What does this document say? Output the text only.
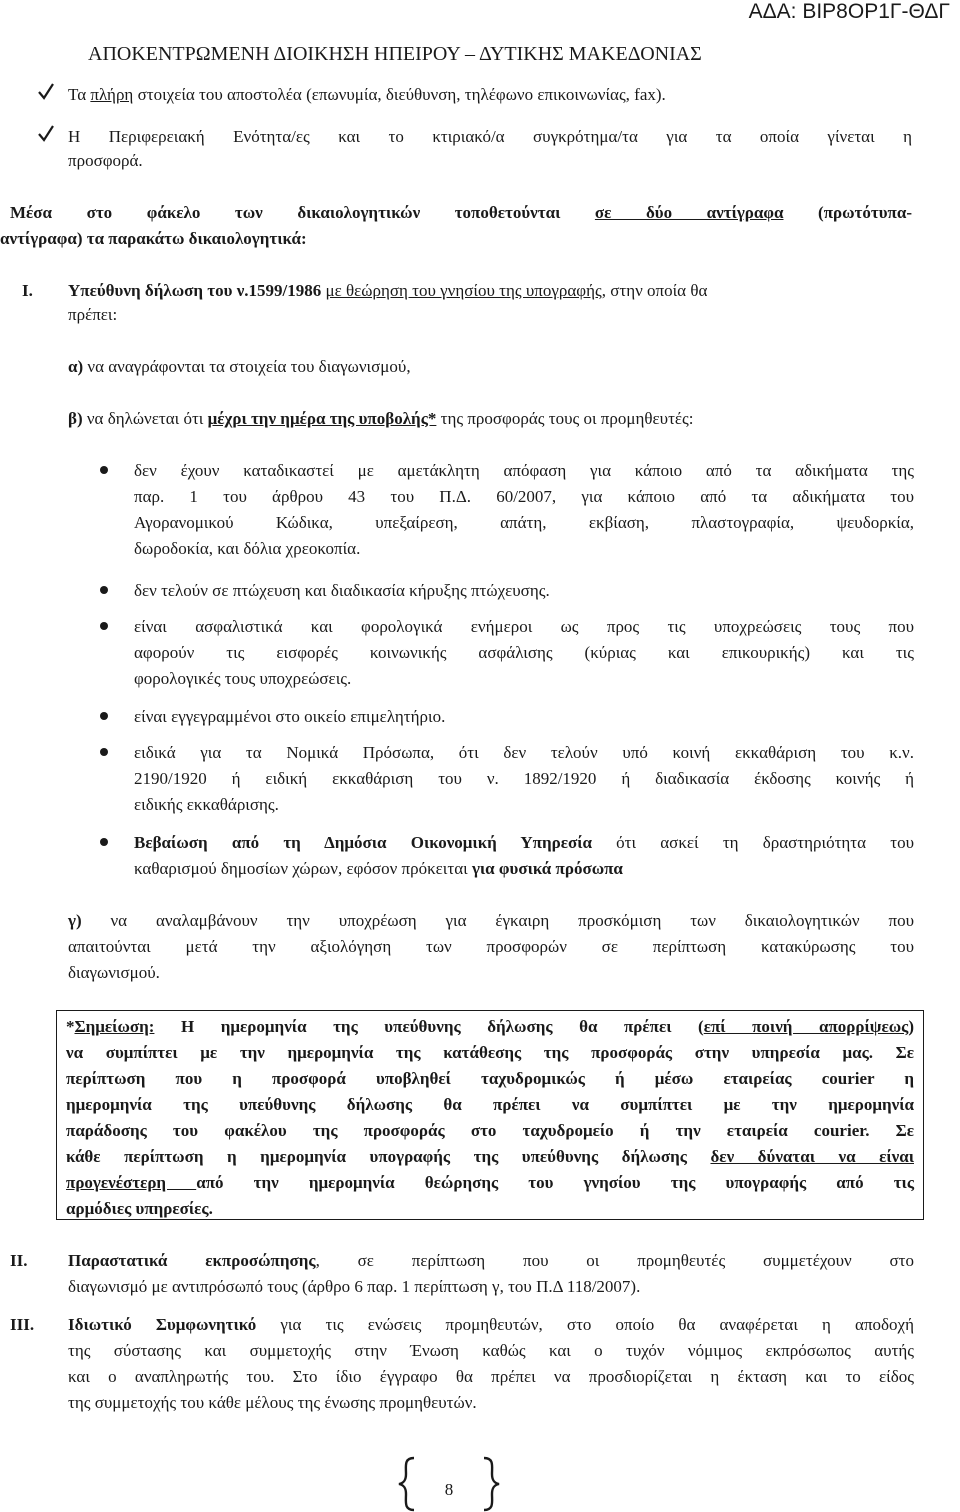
ΑΔΑ: ΒΙΡ8ΟΡ1Γ-ΘΔΓ
ΑΠΟΚΕΝΤΡΩΜΕΝΗ ΔΙΟΙΚΗΣΗ ΗΠΕΙΡΟΥ – ΔΥΤΙΚΗΣ ΜΑΚΕΔΟΝΙΑΣ
Τα πλήρη στοιχεία του αποστολέα (επωνυμία, διεύθυνση, τηλέφωνο επικοινωνίας, fax).
Η Περιφερειακή Ενότητα/ες και το κτιριακό/α συγκρότημα/τα για τα οποία γίνεται η
προσφορά.
Μέσα στο φάκελο των δικαιολογητικών τοποθετούνται σε δύο αντίγραφα (πρωτότυπα-
αντίγραφα) τα παρακάτω δικαιολογητικά:
Ι. Υπεύθυνη δήλωση του ν.1599/1986 με θεώρηση του γνησίου της υπογραφής, στην οποία θα
πρέπει:
α) να αναγράφονται τα στοιχεία του διαγωνισμού,
β) να δηλώνεται ότι μέχρι την ημέρα της υποβολής* της προσφοράς τους οι προμηθευτές:
δεν έχουν καταδικαστεί με αμετάκλητη απόφαση για κάποιο από τα αδικήματα της
παρ. 1 του άρθρου 43 του Π.Δ. 60/2007, για κάποιο από τα αδικήματα του
Αγορανομικού Κώδικα, υπεξαίρεση, απάτη, εκβίαση, πλαστογραφία, ψευδορκία,
δωροδοκία, και δόλια χρεοκοπία.
δεν τελούν σε πτώχευση και διαδικασία κήρυξης πτώχευσης.
είναι ασφαλιστικά και φορολογικά ενήμεροι ως προς τις υποχρεώσεις τους που
αφορούν τις εισφορές κοινωνικής ασφάλισης (κύριας και επικουρικής) και τις
φορολογικές τους υποχρεώσεις.
είναι εγγεγραμμένοι στο οικείο επιμελητήριο.
ειδικά για τα Νομικά Πρόσωπα, ότι δεν τελούν υπό κοινή εκκαθάριση του κ.ν.
2190/1920 ή ειδική εκκαθάριση του ν. 1892/1920 ή διαδικασία έκδοσης κοινής ή
ειδικής εκκαθάρισης.
Βεβαίωση από τη Δημόσια Οικονομική Υπηρεσία ότι ασκεί τη δραστηριότητα του
καθαρισμού δημοσίων χώρων, εφόσον πρόκειται για φυσικά πρόσωπα
γ) να αναλαμβάνουν την υποχρέωση για έγκαιρη προσκόμιση των δικαιολογητικών που
απαιτούνται μετά την αξιολόγηση των προσφορών σε περίπτωση κατακύρωσης του
διαγωνισμού.
*Σημείωση: Η ημερομηνία της υπεύθυνης δήλωσης θα πρέπει (επί ποινή απορρίψεως)
να συμπίπτει με την ημερομηνία της κατάθεσης της προσφοράς στην υπηρεσία μας. Σε
περίπτωση που η προσφορά υποβληθεί ταχυδρομικώς ή μέσω εταιρείας courier η
ημερομηνία της υπεύθυνης δήλωσης θα πρέπει να συμπίπτει με την ημερομηνία
παράδοσης του φακέλου της προσφοράς στο ταχυδρομείο ή την εταιρεία courier. Σε
κάθε περίπτωση η ημερομηνία υπογραφής της υπεύθυνης δήλωσης δεν δύναται να είναι
προγενέστερη από την ημερομηνία θεώρησης του γνησίου της υπογραφής από τις
αρμόδιες υπηρεσίες.
ΙΙ. Παραστατικά εκπροσώπησης, σε περίπτωση που οι προμηθευτές συμμετέχουν στο
διαγωνισμό με αντιπρόσωπό τους (άρθρο 6 παρ. 1 περίπτωση γ, του Π.Δ 118/2007).
ΙΙΙ. Ιδιωτικό Συμφωνητικό για τις ενώσεις προμηθευτών, στο οποίο θα αναφέρεται η αποδοχή
της σύστασης και συμμετοχής στην Ένωση καθώς και ο τυχόν νόμιμος εκπρόσωπος αυτής
και ο αναπληρωτής του. Στο ίδιο έγγραφο θα πρέπει να προσδιορίζεται η έκταση και το είδος
της συμμετοχής του κάθε μέλους της ένωσης προμηθευτών.
8
